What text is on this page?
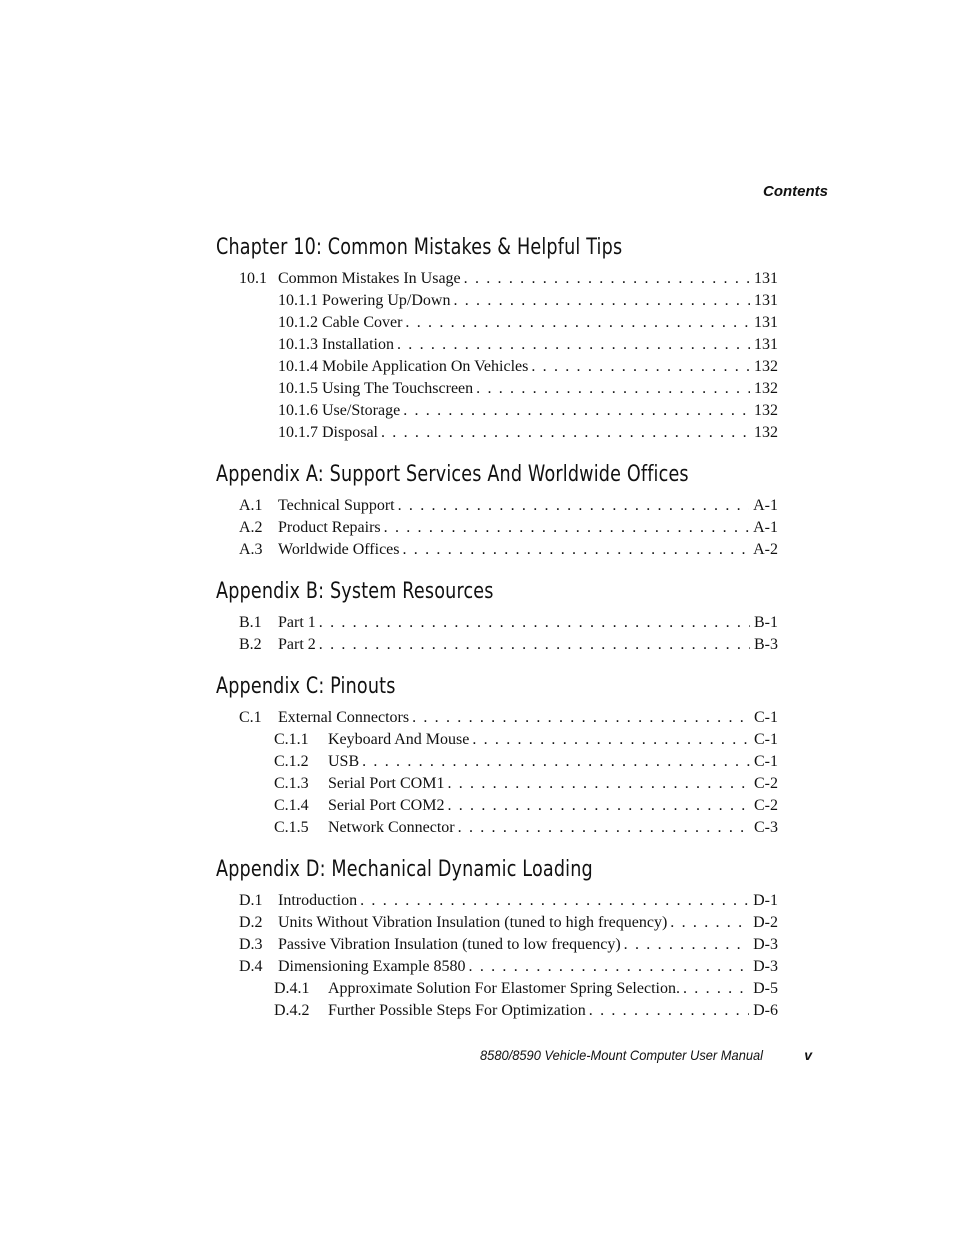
Contents
Chapter 10: Common Mistakes & Helpful Tips
10.1 Common Mistakes In Usage . . .	131
10.1.1 Powering Up/Down . . .	131
10.1.2 Cable Cover . . .	131
10.1.3 Installation . . .	131
10.1.4 Mobile Application On Vehicles . . .	132
10.1.5 Using The Touchscreen . . .	132
10.1.6 Use/Storage . . .	132
10.1.7 Disposal . . .	132
Appendix A: Support Services And Worldwide Offices
A.1 Technical Support . . .	A-1
A.2 Product Repairs . . .	A-1
A.3 Worldwide Offices . . .	A-2
Appendix B: System Resources
B.1	Part 1 . . .	B-1
B.2	Part 2 . . .	B-3
Appendix C: Pinouts
C.1	External Connectors . . .	C-1
C.1.1	Keyboard And Mouse . . .	C-1
C.1.2	USB . . .	C-1
C.1.3	Serial Port COM1 . . .	C-2
C.1.4	Serial Port COM2 . . .	C-2
C.1.5	Network Connector . . .	C-3
Appendix D: Mechanical Dynamic Loading
D.1 Introduction . . .	D-1
D.2 Units Without Vibration Insulation (tuned to high frequency) . . .	D-2
D.3 Passive Vibration Insulation (tuned to low frequency) . . .	D-3
D.4 Dimensioning Example 8580 . . .	D-3
D.4.1	Approximate Solution For Elastomer Spring Selection. . . .	D-5
D.4.2	Further Possible Steps For Optimization . . .	D-6
8580/8590 Vehicle-Mount Computer User Manual	v
